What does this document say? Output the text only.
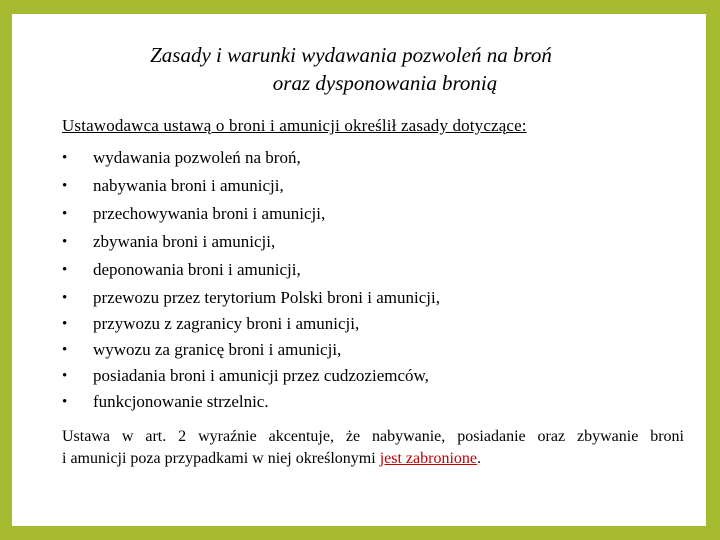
Zasady i warunki wydawania pozwoleń na broń
oraz dysponowania bronią
Ustawodawca ustawą o broni i amunicji określił zasady dotyczące:
•	wydawania pozwoleń na broń,
•	nabywania broni i amunicji,
•	przechowywania broni i amunicji,
•	zbywania broni i amunicji,
•	deponowania broni i amunicji,
•	przewozu przez terytorium Polski broni i amunicji,
•	przywozu z zagranicy broni i amunicji,
•	wywozu za granicę broni i amunicji,
•	posiadania broni i amunicji przez cudzoziemców,
•	funkcjonowanie strzelnic.
Ustawa w art. 2 wyraźnie akcentuje, że nabywanie, posiadanie oraz zbywanie broni
i amunicji poza przypadkami w niej określonymi jest zabronione.
